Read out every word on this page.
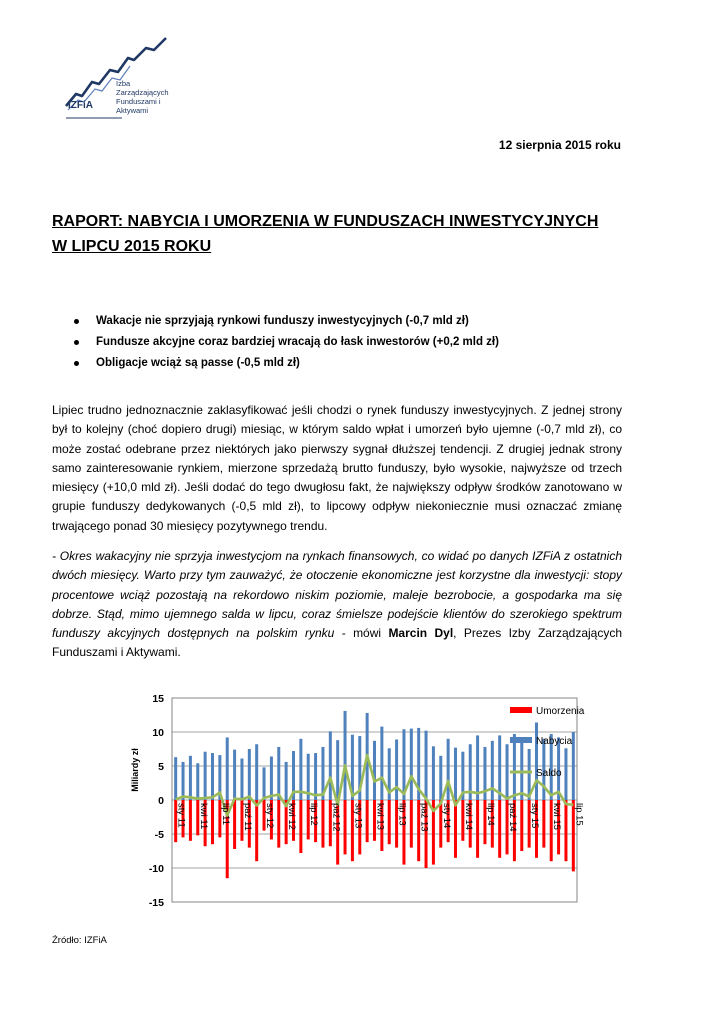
Izba Zarządzających
Funduszami i Aktywami
IZFiA
12 sierpnia 2015 roku
RAPORT: NABYCIA I UMORZENIA W FUNDUSZACH INWESTYCYJNYCH
W LIPCU 2015 ROKU
Wakacje nie sprzyjają rynkowi funduszy inwestycyjnych (-0,7 mld zł)
Fundusze akcyjne coraz bardziej wracają do łask inwestorów (+0,2 mld zł)
Obligacje wciąż są passe (-0,5 mld zł)
Lipiec trudno jednoznacznie zaklasyfikować jeśli chodzi o rynek funduszy inwestycyjnych. Z jednej strony był to kolejny (choć dopiero drugi) miesiąc, w którym saldo wpłat i umorzeń było ujemne (-0,7 mld zł), co może zostać odebrane przez niektórych jako pierwszy sygnał dłuższej tendencji. Z drugiej jednak strony samo zainteresowanie rynkiem, mierzone sprzedażą brutto funduszy, było wysokie, najwyższe od trzech miesięcy (+10,0 mld zł). Jeśli dodać do tego dwugłosu fakt, że największy odpływ środków zanotowano w grupie funduszy dedykowanych (-0,5 mld zł), to lipcowy odpływ niekoniecznie musi oznaczać zmianę trwającego ponad 30 miesięcy pozytywnego trendu.
- Okres wakacyjny nie sprzyja inwestycjom na rynkach finansowych, co widać po danych IZFiA z ostatnich dwóch miesięcy. Warto przy tym zauważyć, że otoczenie ekonomiczne jest korzystne dla inwestycji: stopy procentowe wciąż pozostają na rekordowo niskim poziomie, maleje bezrobocie, a gospodarka ma się dobrze. Stąd, mimo ujemnego salda w lipcu, coraz śmielsze podejście klientów do szerokiego spektrum funduszy akcyjnych dostępnych na polskim rynku - mówi Marcin Dyl, Prezes Izby Zarządzających Funduszami i Aktywami.
-15
-10
-5
0
5
10
15
Miliardy zł
sty 11 kwi 11 lip 11 paź 11 sty 12 kwi 12 lip 12 paź 12 sty 13 kwi 13 lip 13 paź 13 sty 14 kwi 14 lip 14 paź 14 sty 15 kwi 15 lip 15
Umorzenia
Nabycia
Saldo
Źródło: IZFiA
